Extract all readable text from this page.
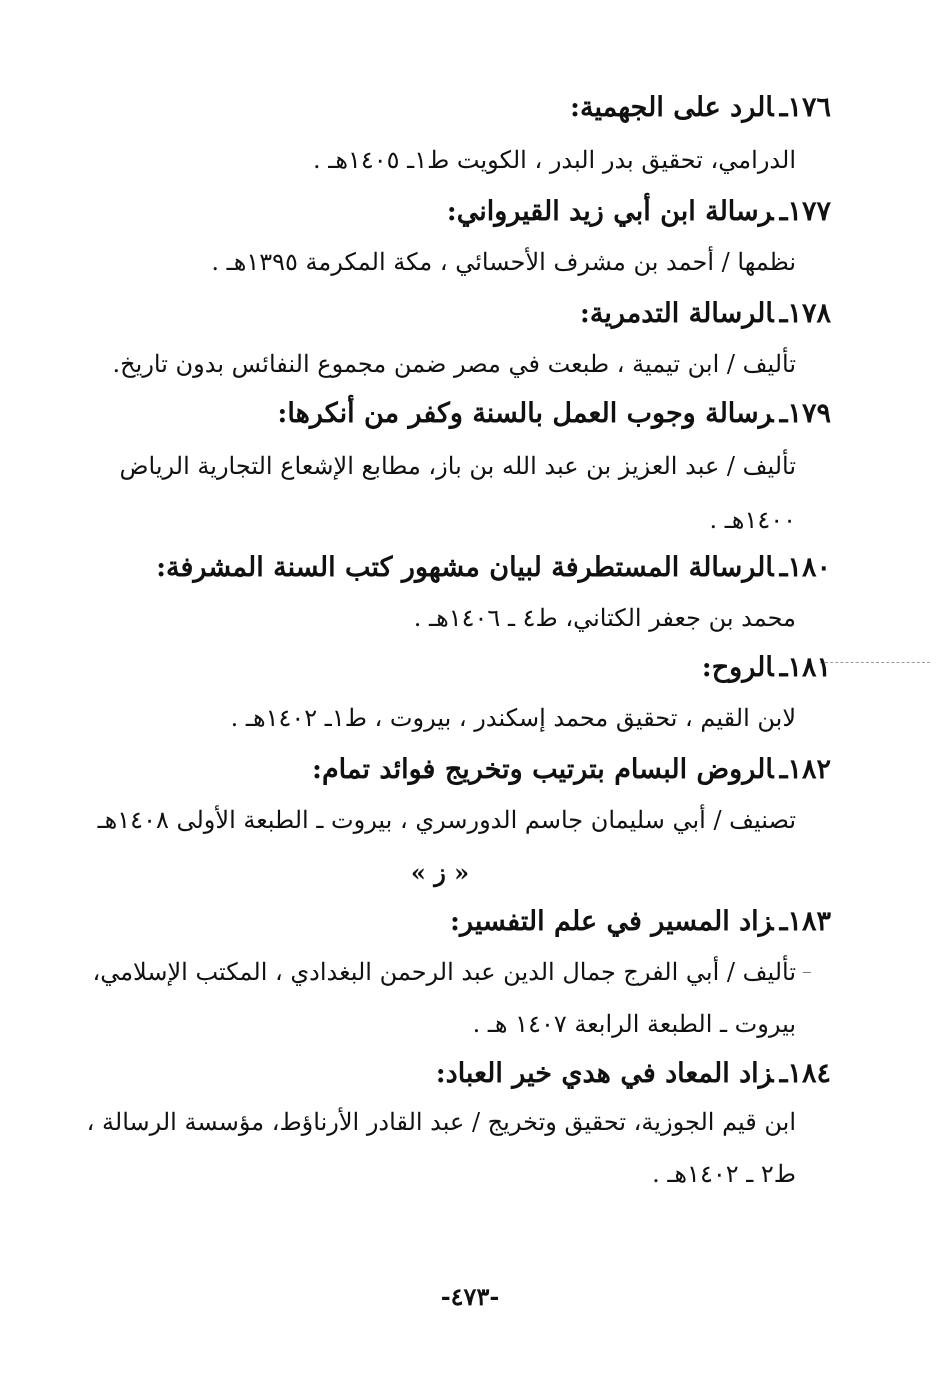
١٧٦ـالرد على الجهمية:
الدرامي، تحقيق بدر البدر ، الكويت ط١ـ ١٤٠٥هـ .
١٧٧ـرسالة ابن أبي زيد القيرواني:
نظمها / أحمد بن مشرف الأحسائي ، مكة المكرمة ١٣٩٥هـ .
١٧٨ـالرسالة التدمرية:
تأليف / ابن تيمية ، طبعت في مصر ضمن مجموع النفائس بدون تاريخ.
١٧٩ـرسالة وجوب العمل بالسنة وكفر من أنكرها:
تأليف / عبد العزيز بن عبد الله بن باز، مطابع الإشعاع التجارية الرياض
١٤٠٠هـ .
١٨٠ـالرسالة المستطرفة لبيان مشهور كتب السنة المشرفة:
محمد بن جعفر الكتاني، ط٤ ـ ١٤٠٦هـ .
١٨١ـالروح:
لابن القيم ، تحقيق محمد إسكندر ، بيروت ، ط١ـ ١٤٠٢هـ .
١٨٢ـالروض البسام بترتيب وتخريج فوائد تمام:
تصنيف / أبي سليمان جاسم الدورسري ، بيروت ـ الطبعة الأولى ١٤٠٨هـ
« ز »
١٨٣ـزاد المسير في علم التفسير:
تأليف / أبي الفرج جمال الدين عبد الرحمن البغدادي ، المكتب الإسلامي،
بيروت ـ الطبعة الرابعة ١٤٠٧ هـ .
١٨٤ـزاد المعاد في هدي خير العباد:
ابن قيم الجوزية، تحقيق وتخريج / عبد القادر الأرناؤط، مؤسسة الرسالة ،
ط٢ ـ ١٤٠٢هـ .
-٤٧٣-
